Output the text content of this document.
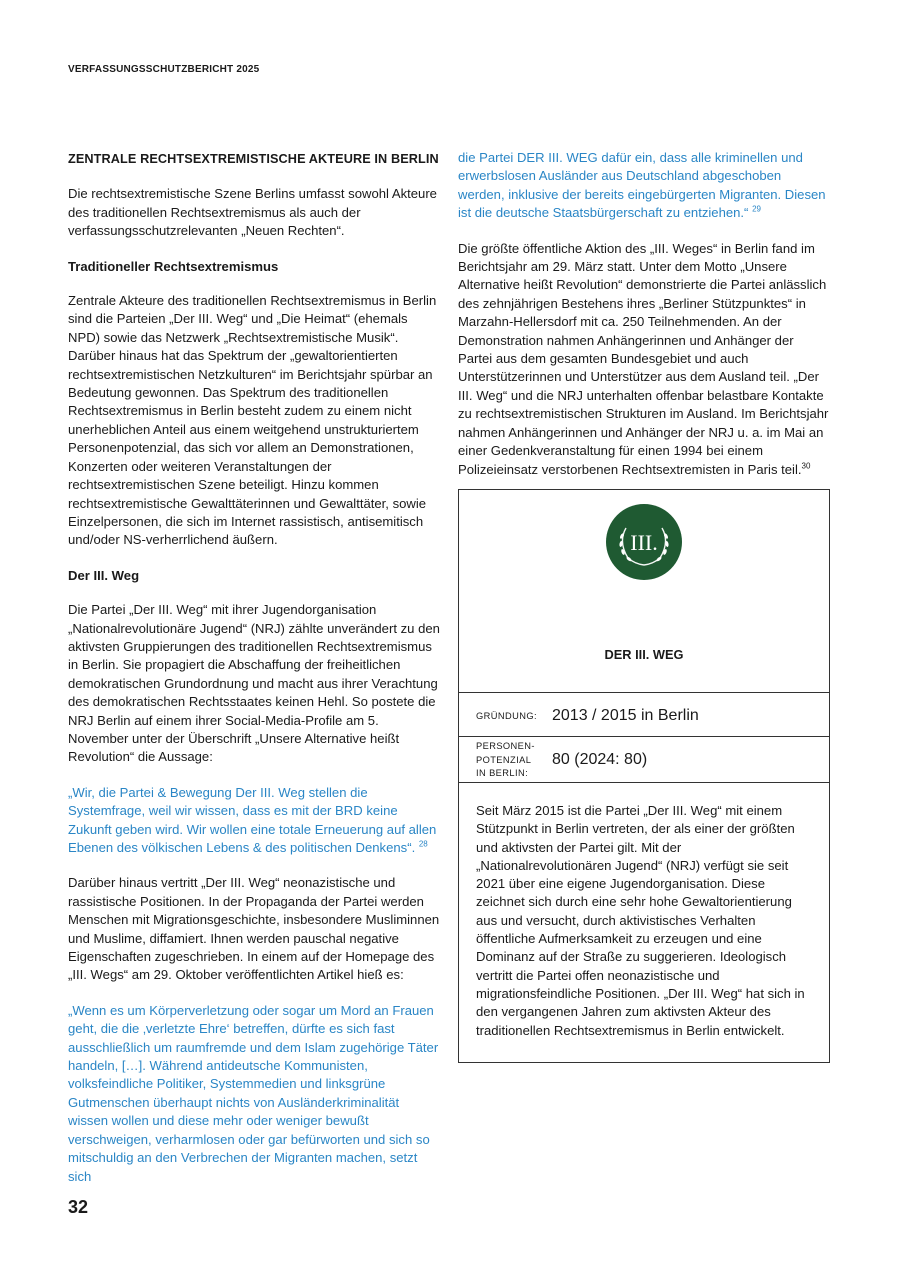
VERFASSUNGSSCHUTZBERICHT 2025
ZENTRALE RECHTSEXTREMISTISCHE AKTEURE IN BERLIN

Die rechtsextremistische Szene Berlins umfasst sowohl Akteure des traditionellen Rechtsextremismus als auch der verfassungsschutzrelevanten „Neuen Rechten“.

Traditioneller Rechtsextremismus

Zentrale Akteure des traditionellen Rechtsextremismus in Berlin sind die Parteien „Der III. Weg“ und „Die Heimat“ (ehemals NPD) sowie das Netzwerk „Rechtsextremistische Musik“. Darüber hinaus hat das Spektrum der „gewaltorientierten rechtsextremistischen Netzkulturen“ im Berichtsjahr spürbar an Bedeutung gewonnen. Das Spektrum des traditionellen Rechtsextremismus in Berlin besteht zudem zu einem nicht unerheblichen Anteil aus einem weitgehend unstrukturiertem Personenpotenzial, das sich vor allem an Demonstrationen, Konzerten oder weiteren Veranstaltungen der rechtsextremistischen Szene beteiligt. Hinzu kommen rechtsextremistische Gewalttäterinnen und Gewalttäter, sowie Einzelpersonen, die sich im Internet rassistisch, antisemitisch und/oder NS-verherrlichend äußern.

Der III. Weg

Die Partei „Der III. Weg“ mit ihrer Jugendorganisation „Nationalrevolutionäre Jugend“ (NRJ) zählte unverändert zu den aktivsten Gruppierungen des traditionellen Rechtsextremismus in Berlin. Sie propagiert die Abschaffung der freiheitlichen demokratischen Grundordnung und macht aus ihrer Verachtung des demokratischen Rechtsstaates keinen Hehl. So postete die NRJ Berlin auf einem ihrer Social-Media-Profile am 5. November unter der Überschrift „Unsere Alternative heißt Revolution“ die Aussage:

„Wir, die Partei & Bewegung Der III. Weg stellen die Systemfrage, weil wir wissen, dass es mit der BRD keine Zukunft geben wird. Wir wollen eine totale Erneuerung auf allen Ebenen des völkischen Lebens & des politischen Denkens“. $^{28}$

Darüber hinaus vertritt „Der III. Weg“ neonazistische und rassistische Positionen. In der Propaganda der Partei werden Menschen mit Migrationsgeschichte, insbesondere Musliminnen und Muslime, diffamiert. Ihnen werden pauschal negative Eigenschaften zugeschrieben. In einem auf der Homepage des „III. Wegs“ am 29. Oktober veröffentlichten Artikel hieß es:

„Wenn es um Körperverletzung oder sogar um Mord an Frauen geht, die die ‚verletzte Ehre‘ betreffen, dürfte es sich fast ausschließlich um raumfremde und dem Islam zugehörige Täter handeln, […]. Während antideutsche Kommunisten, volksfeindliche Politiker, Systemmedien und linksgrüne Gutmenschen überhaupt nichts von Ausländerkriminalität wissen wollen und diese mehr oder weniger bewußt verschweigen, verharmlosen oder gar befürworten und sich so mitschuldig an den Verbrechen der Migranten machen, setzt sich

die Partei DER III. WEG dafür ein, dass alle kriminellen und erwerbslosen Ausländer aus Deutschland abgeschoben werden, inklusive der bereits eingebürgerten Migranten. Diesen ist die deutsche Staatsbürgerschaft zu entziehen.“ $^{29}$

Die größte öffentliche Aktion des „III. Weges“ in Berlin fand im Berichtsjahr am 29. März statt. Unter dem Motto „Unsere Alternative heißt Revolution“ demonstrierte die Partei anlässlich des zehnjährigen Bestehens ihres „Berliner Stützpunktes“ in Marzahn-Hellersdorf mit ca. 250 Teilnehmenden. An der Demonstration nahmen Anhängerinnen und Anhänger der Partei aus dem gesamten Bundesgebiet und auch Unterstützerinnen und Unterstützer aus dem Ausland teil. „Der III. Weg“ und die NRJ unterhalten offenbar belastbare Kontakte zu rechtsextremistischen Strukturen im Ausland. Im Berichtsjahr nahmen Anhängerinnen und Anhänger der NRJ u. a. im Mai an einer Gedenkveranstaltung für einen 1994 bei einem Polizeieinsatz verstorbenen Rechtsextremisten in Paris teil.$^{30}$

III.
DER III. WEG
GRÜNDUNG: 2013 / 2015 in Berlin
PERSONEN-
POTENZIAL
IN BERLIN:
80 (2024: 80)
Seit März 2015 ist die Partei „Der III. Weg“ mit einem Stützpunkt in Berlin vertreten, der als einer der größten und aktivsten der Partei gilt. Mit der „Nationalrevolutionären Jugend“ (NRJ) verfügt sie seit 2021 über eine eigene Jugendorganisation. Diese zeichnet sich durch eine sehr hohe Gewaltorientierung aus und versucht, durch aktivistisches Verhalten öffentliche Aufmerksamkeit zu erzeugen und eine Dominanz auf der Straße zu suggerieren. Ideologisch vertritt die Partei offen neonazistische und migrationsfeindliche Positionen. „Der III. Weg“ hat sich in den vergangenen Jahren zum aktivsten Akteur des traditionellen Rechtsextremismus in Berlin entwickelt.
32
